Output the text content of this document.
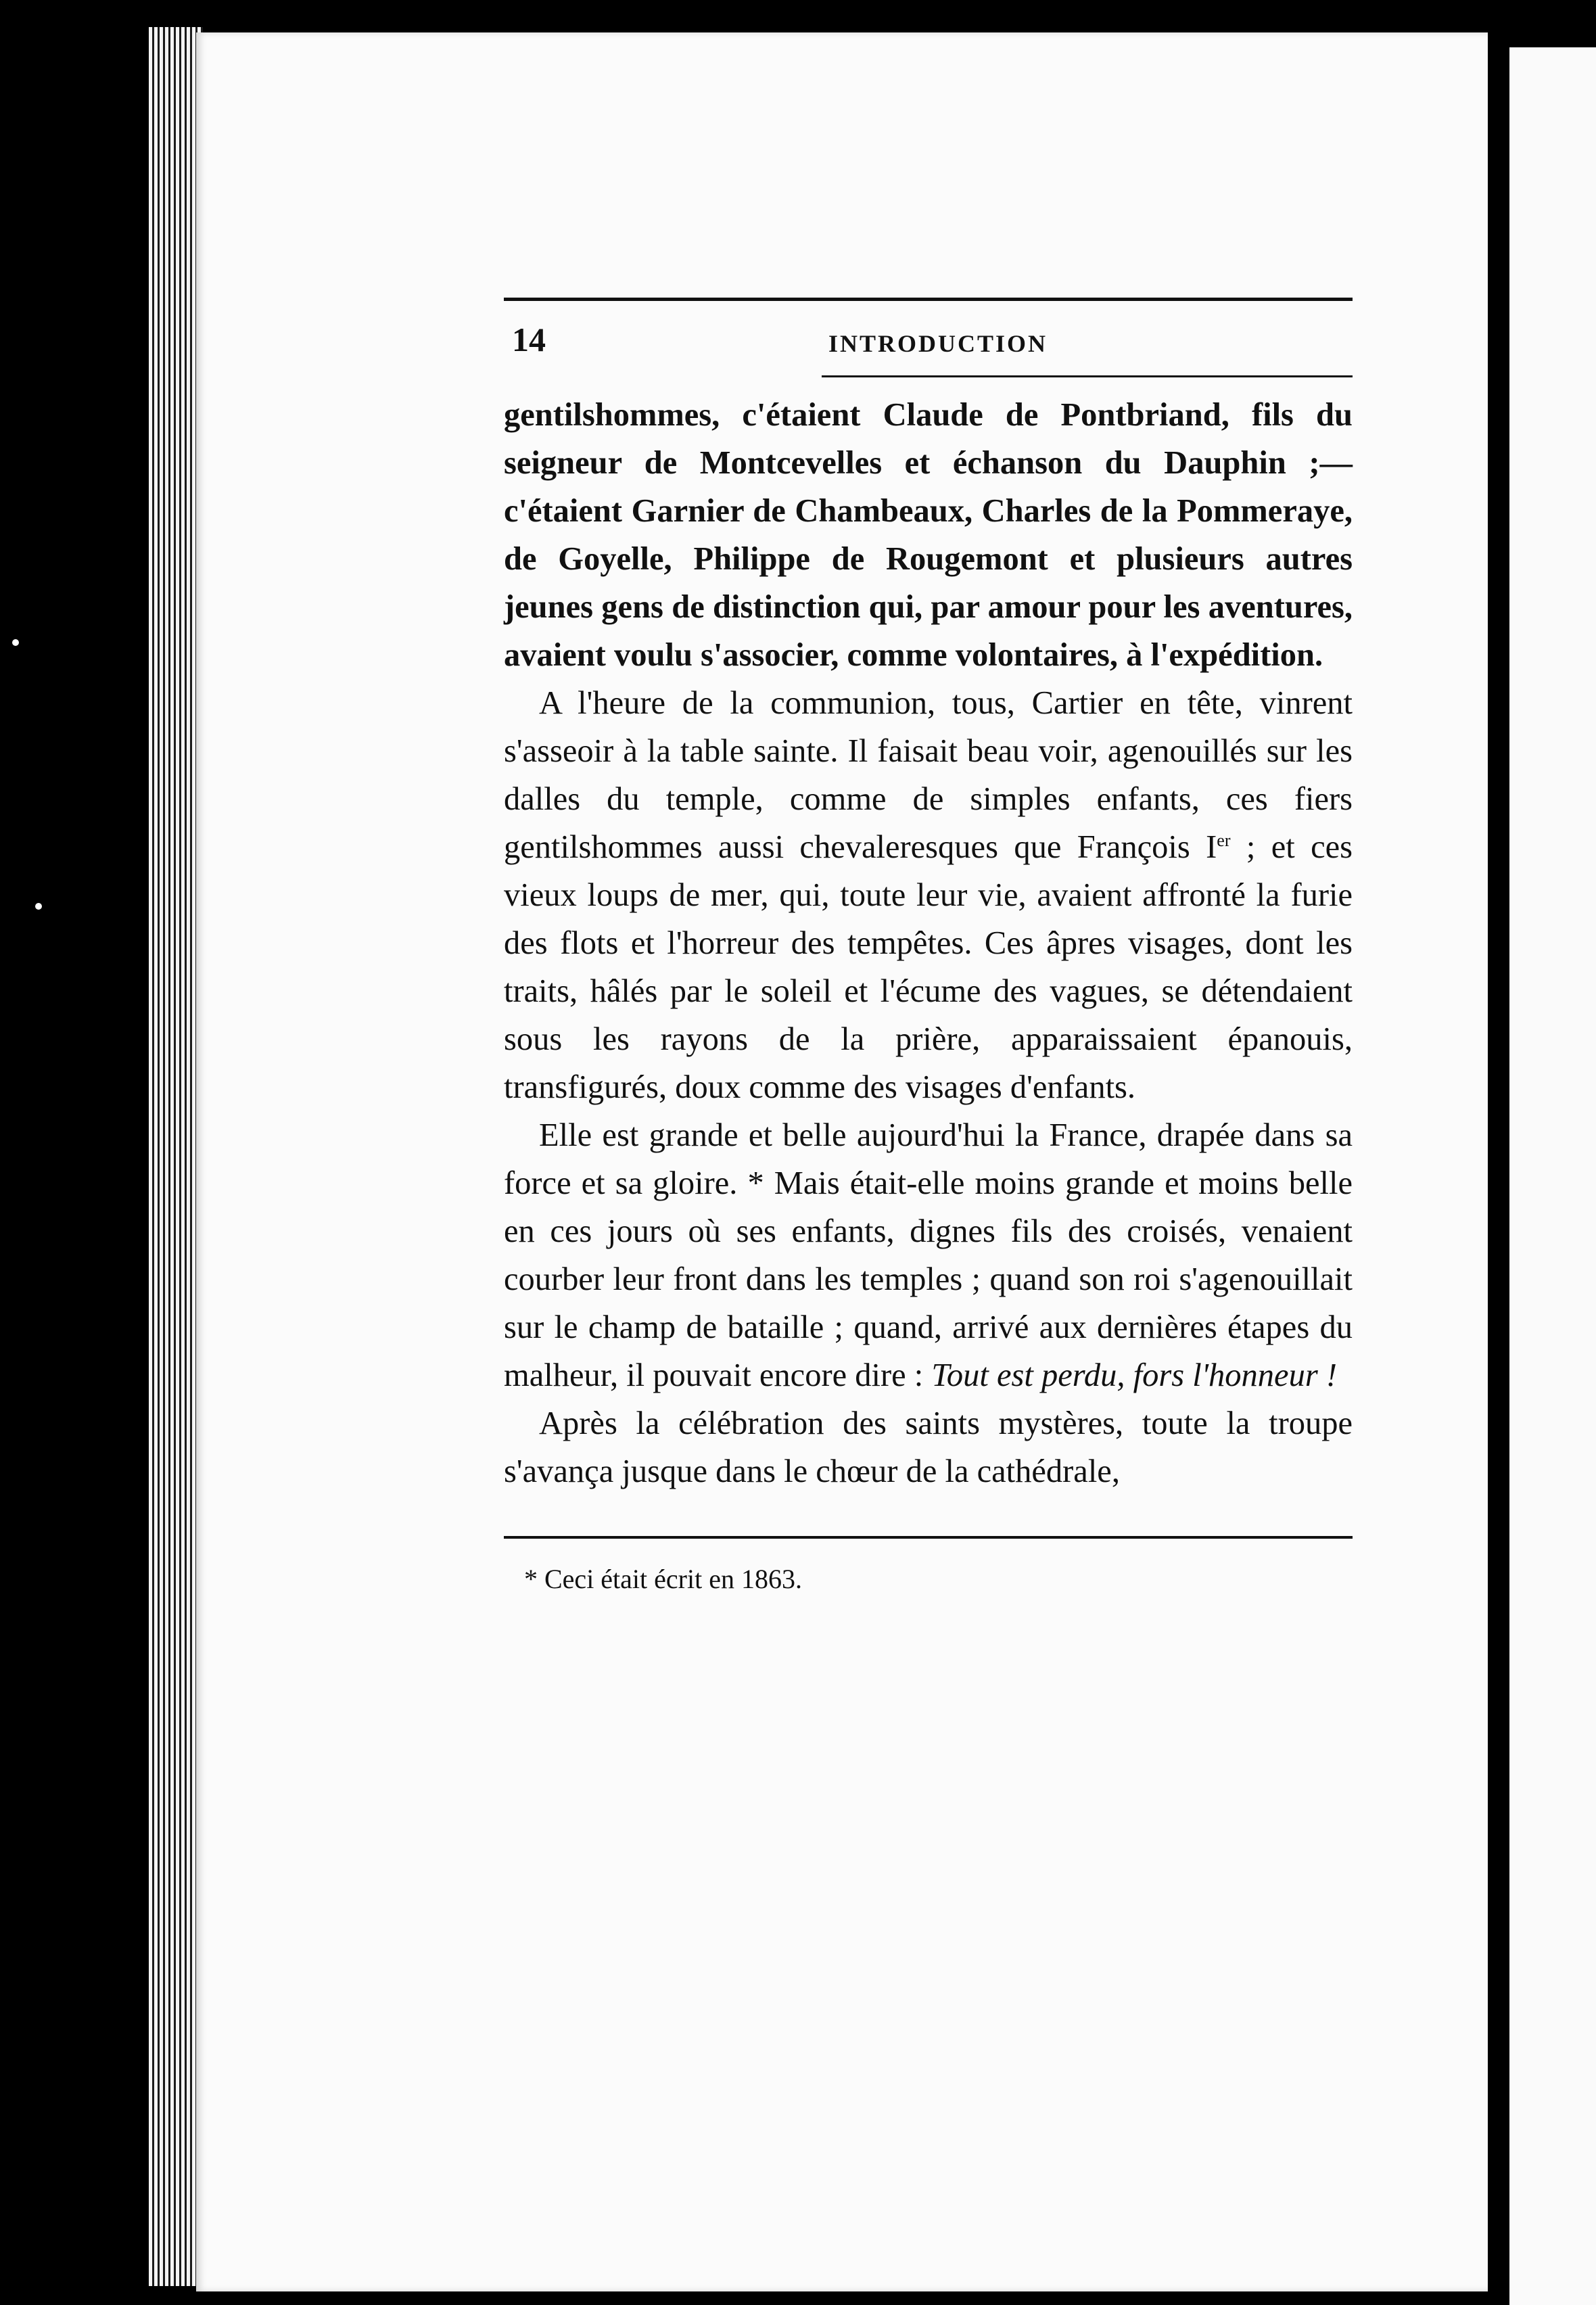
14	INTRODUCTION

gentilshommes, c'étaient Claude de Pontbriand, fils du seigneur de Montcevelles et échanson du Dauphin ;— c'étaient Garnier de Chambeaux, Charles de la Pommeraye, de Goyelle, Philippe de Rougemont et plusieurs autres jeunes gens de distinction qui, par amour pour les aventures, avaient voulu s'associer, comme volontaires, à l'expédition.

A l'heure de la communion, tous, Cartier en tête, vinrent s'asseoir à la table sainte. Il faisait beau voir, agenouillés sur les dalles du temple, comme de simples enfants, ces fiers gentilshommes aussi chevaleresques que François Ier ; et ces vieux loups de mer, qui, toute leur vie, avaient affronté la furie des flots et l'horreur des tempêtes. Ces âpres visages, dont les traits, hâlés par le soleil et l'écume des vagues, se détendaient sous les rayons de la prière, apparaissaient épanouis, transfigurés, doux comme des visages d'enfants.

Elle est grande et belle aujourd'hui la France, drapée dans sa force et sa gloire. * Mais était-elle moins grande et moins belle en ces jours où ses enfants, dignes fils des croisés, venaient courber leur front dans les temples ; quand son roi s'agenouillait sur le champ de bataille ; quand, arrivé aux dernières étapes du malheur, il pouvait encore dire : Tout est perdu, fors l'honneur !

Après la célébration des saints mystères, toute la troupe s'avança jusque dans le chœur de la cathédrale,

* Ceci était écrit en 1863.
